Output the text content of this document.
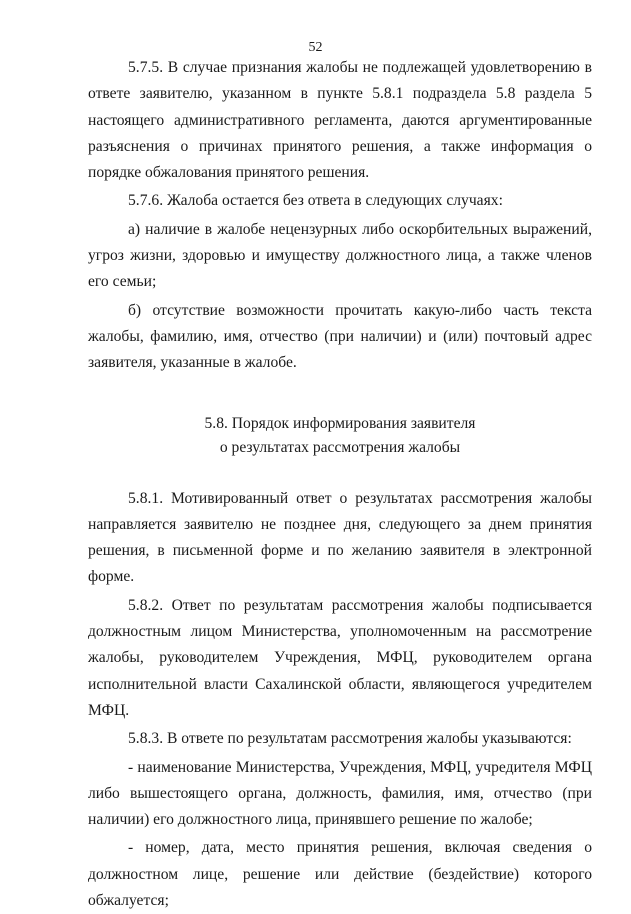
52

5.7.5. В случае признания жалобы не подлежащей удовлетворению в ответе заявителю, указанном в пункте 5.8.1 подраздела 5.8 раздела 5 настоящего административного регламента, даются аргументированные разъяснения о причинах принятого решения, а также информация о порядке обжалования принятого решения.

5.7.6. Жалоба остается без ответа в следующих случаях:

а) наличие в жалобе нецензурных либо оскорбительных выражений, угроз жизни, здоровью и имуществу должностного лица, а также членов его семьи;

б) отсутствие возможности прочитать какую-либо часть текста жалобы, фамилию, имя, отчество (при наличии) и (или) почтовый адрес заявителя, указанные в жалобе.

5.8. Порядок информирования заявителя
о результатах рассмотрения жалобы

5.8.1. Мотивированный ответ о результатах рассмотрения жалобы направляется заявителю не позднее дня, следующего за днем принятия решения, в письменной форме и по желанию заявителя в электронной форме.

5.8.2. Ответ по результатам рассмотрения жалобы подписывается должностным лицом Министерства, уполномоченным на рассмотрение жалобы, руководителем Учреждения, МФЦ, руководителем органа исполнительной власти Сахалинской области, являющегося учредителем МФЦ.

5.8.3. В ответе по результатам рассмотрения жалобы указываются:

- наименование Министерства, Учреждения, МФЦ, учредителя МФЦ либо вышестоящего органа, должность, фамилия, имя, отчество (при наличии) его должностного лица, принявшего решение по жалобе;

- номер, дата, место принятия решения, включая сведения о должностном лице, решение или действие (бездействие) которого обжалуется;
